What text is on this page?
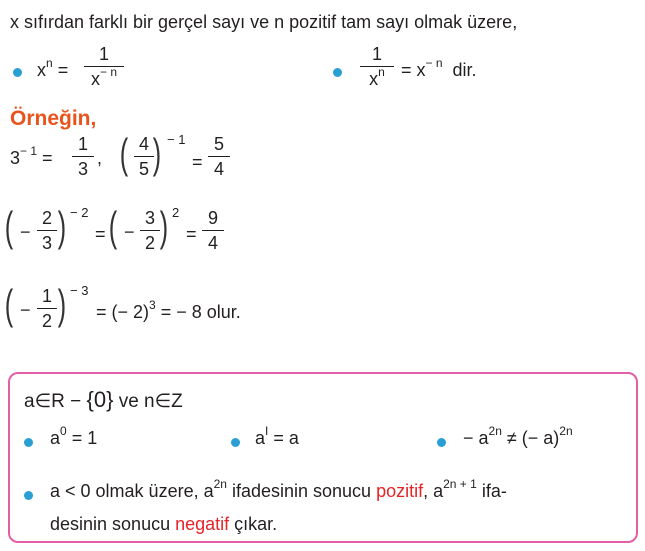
x sıfırdan farklı bir gerçel sayı ve n pozitif tam sayı olmak üzere,
$x^n$ =
1
$x^{- n}$
1
$x^n = x^{- n}$ dir.
Örneğin,
$3^{- 1}$ =
1
3
, ( 4
5 ) − 1
=
5
4
( −
2
3 ) − 2
= ( −
3
2 ) 2
=
9
4
( −
1
2 ) − 3
= (− 2)$^3$ = − 8 olur.
a∈R − {0} ve n∈Z
$a^0 = 1$	$a^I = a$	− $a^{2n}$ ≠ (− a)$^{2n}$
a < 0 olmak üzere, $a^{2n}$ ifadesinin sonucu pozitif, $a^{2n + 1}$ ifa-
desinin sonucu negatif çıkar.
